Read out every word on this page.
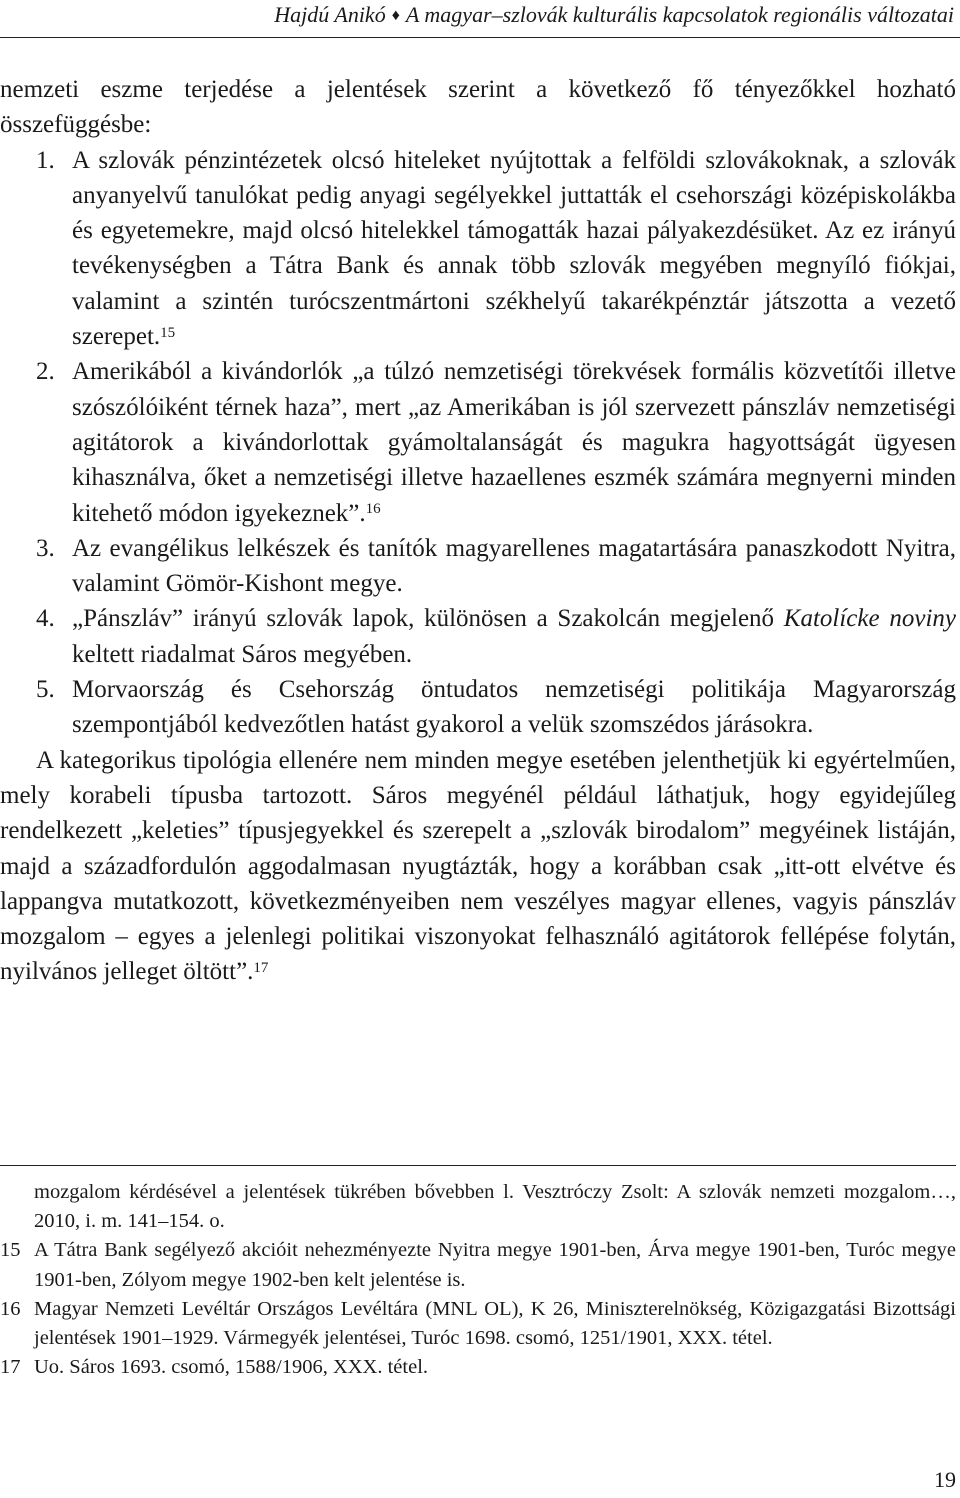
Hajdú Anikó ♦ A magyar–szlovák kulturális kapcsolatok regionális változatai

nemzeti eszme terjedése a jelentések szerint a következő fő tényezőkkel hozható összefüggésbe:

1. A szlovák pénzintézetek olcsó hiteleket nyújtottak a felföldi szlovákoknak, a szlovák anyanyelvű tanulókat pedig anyagi segélyekkel juttatták el csehországi középiskolákba és egyetemekre, majd olcsó hitelekkel támogatták hazai pályakezdésüket. Az ez irányú tevékenységben a Tátra Bank és annak több szlovák megyében megnyíló fiókjai, valamint a szintén turócszentmártoni székhelyű takarékpénztár játszotta a vezető szerepet.$^{15}$
2. Amerikából a kivándorlók „a túlzó nemzetiségi törekvések formális közvetítői illetve szószólóiként térnek haza”, mert „az Amerikában is jól szervezett pánszláv nemzetiségi agitátorok a kivándorlottak gyámoltalanságát és magukra hagyottságát ügyesen kihasználva, őket a nemzetiségi illetve hazaellenes eszmék számára megnyerni minden kitehető módon igyekeznek”.$^{16}$
3. Az evangélikus lelkészek és tanítók magyarellenes magatartására panaszkodott Nyitra, valamint Gömör-Kishont megye.
4. „Pánszláv” irányú szlovák lapok, különösen a Szakolcán megjelenő Katolícke noviny keltett riadalmat Sáros megyében.
5. Morvaország és Csehország öntudatos nemzetiségi politikája Magyarország szempontjából kedvezőtlen hatást gyakorol a velük szomszédos járásokra.

A kategorikus tipológia ellenére nem minden megye esetében jelenthetjük ki egyértelműen, mely korabeli típusba tartozott. Sáros megyénél például láthatjuk, hogy egyidejűleg rendelkezett „keleties” típusjegyekkel és szerepelt a „szlovák birodalom” megyéinek listáján, majd a századfordulón aggodalmasan nyugtázták, hogy a korábban csak „itt-ott elvétve és lappangva mutatkozott, következményeiben nem veszélyes magyar ellenes, vagyis pánszláv mozgalom – egyes a jelenlegi politikai viszonyokat felhasználó agitátorok fellépése folytán, nyilvános jelleget öltött”.$^{17}$

mozgalom kérdésével a jelentések tükrében bővebben l. Vesztróczy Zsolt: A szlovák nemzeti mozgalom…, 2010, i. m. 141–154. o.

15 A Tátra Bank segélyező akcióit nehezményezte Nyitra megye 1901-ben, Árva megye 1901-ben, Turóc megye 1901-ben, Zólyom megye 1902-ben kelt jelentése is.

16 Magyar Nemzeti Levéltár Országos Levéltára (MNL OL), K 26, Miniszterelnökség, Közigazgatási Bizottsági jelentések 1901–1929. Vármegyék jelentései, Turóc 1698. csomó, 1251/1901, XXX. tétel.

17 Uo. Sáros 1693. csomó, 1588/1906, XXX. tétel.

19
